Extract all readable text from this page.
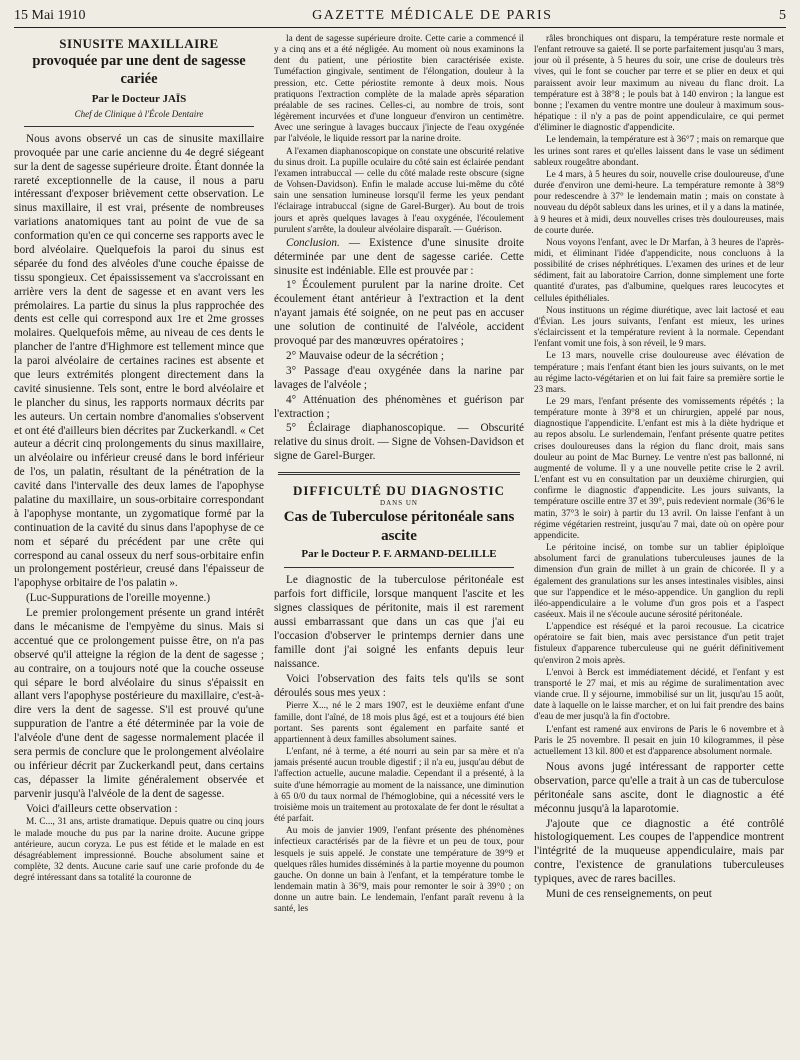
15 Mai 1910	GAZETTE MÉDICALE DE PARIS	5
SINUSITE MAXILLAIRE
provoquée par une dent de sagesse cariée
Par le Docteur JAÏS
Chef de Clinique à l'École Dentaire

Nous avons observé un cas de sinusite maxillaire provoquée par une carie ancienne du 4e degré siégeant sur la dent de sagesse supérieure droite. Étant donnée la rareté exceptionnelle de la cause, il nous a paru intéressant d'exposer brièvement cette observation. Le sinus maxillaire, il est vrai, présente de nombreuses variations anatomiques tant au point de vue de sa conformation qu'en ce qui concerne ses rapports avec le bord alvéolaire. Quelquefois la paroi du sinus est séparée du fond des alvéoles d'une couche épaisse de tissu spongieux. Cet épaississement va s'accroissant en arrière vers la dent de sagesse et en avant vers les prémolaires. La partie du sinus la plus rapprochée des dents est celle qui correspond aux 1re et 2me grosses molaires. Quelquefois même, au niveau de ces dents le plancher de l'antre d'Highmore est tellement mince que la paroi alvéolaire de certaines racines est absente et que leurs extrémités plongent directement dans la cavité sinusienne. Tels sont, entre le bord alvéolaire et le plancher du sinus, les rapports normaux décrits par les auteurs. Un certain nombre d'anomalies s'observent et ont été d'ailleurs bien décrites par Zuckerkandl. « Cet auteur a décrit cinq prolongements du sinus maxillaire, un alvéolaire ou inférieur creusé dans le bord inférieur de l'os, un palatin, résultant de la pénétration de la cavité dans l'intervalle des deux lames de l'apophyse palatine du maxillaire, un sous-orbitaire correspondant à l'apophyse montante, un zygomatique formé par la continuation de la cavité du sinus dans l'apophyse de ce nom et séparé du précédent par une crête qui correspond au canal osseux du nerf sous-orbitaire enfin un prolongement postérieur, creusé dans l'épaisseur de l'apophyse orbitaire de l'os palatin ».

(Luc-Suppurations de l'oreille moyenne.)

Le premier prolongement présente un grand intérêt dans le mécanisme de l'empyème du sinus. Mais si accentué que ce prolongement puisse être, on n'a pas observé qu'il atteigne la région de la dent de sagesse ; au contraire, on a toujours noté que la couche osseuse qui sépare le bord alvéolaire du sinus s'épaissit en allant vers l'apophyse postérieure du maxillaire, c'est-à-dire vers la dent de sagesse. S'il est prouvé qu'une suppuration de l'antre a été déterminée par la voie de l'alvéole d'une dent de sagesse normalement placée il sera permis de conclure que le prolongement alvéolaire ou inférieur décrit par Zuckerkandl peut, dans certains cas, dépasser la limite généralement observée et parvenir jusqu'à l'alvéole de la dent de sagesse.

Voici d'ailleurs cette observation :

M. C..., 31 ans, artiste dramatique. Depuis quatre ou cinq jours le malade mouche du pus par la narine droite. Aucune grippe antérieure, aucun coryza. Le pus est fétide et le malade en est désagréablement impressionné. Bouche absolument saine et complète, 32 dents. Aucune carie sauf une carie profonde du 4e degré intéressant dans sa totalité la couronne de

la dent de sagesse supérieure droite. Cette carie a commencé il y a cinq ans et a été négligée. Au moment où nous examinons la dent du patient, une périostite bien caractérisée existe. Tuméfaction gingivale, sentiment de l'élongation, douleur à la pression, etc. Cette périostite remonte à deux mois. Nous pratiquons l'extraction complète de la malade après séparation préalable de ses racines. Celles-ci, au nombre de trois, sont légèrement incurvées et d'une longueur d'environ un centimètre. Avec une seringue à lavages buccaux j'injecte de l'eau oxygénée par l'alvéole, le liquide ressort par la narine droite.

A l'examen diaphanoscopique on constate une obscurité relative du sinus droit. La pupille oculaire du côté sain est éclairée pendant l'examen intrabuccal — celle du côté malade reste obscure (signe de Vohsen-Davidson). Enfin le malade accuse lui-même du côté sain une sensation lumineuse lorsqu'il ferme les yeux pendant l'éclairage intrabuccal (signe de Garel-Burger). Au bout de trois jours et après quelques lavages à l'eau oxygénée, l'écoulement purulent s'arrête, la douleur alvéolaire disparaît. — Guérison.

Conclusion. — Existence d'une sinusite droite déterminée par une dent de sagesse cariée. Cette sinusite est indéniable. Elle est prouvée par :

1° Écoulement purulent par la narine droite. Cet écoulement étant antérieur à l'extraction et la dent n'ayant jamais été soignée, on ne peut pas en accuser une solution de continuité de l'alvéole, accident provoqué par des manœuvres opératoires ;

2° Mauvaise odeur de la sécrétion ;

3° Passage d'eau oxygénée dans la narine par lavages de l'alvéole ;

4° Atténuation des phénomènes et guérison par l'extraction ;

5° Éclairage diaphanoscopique. — Obscurité relative du sinus droit. — Signe de Vohsen-Davidson et signe de Garel-Burger.

DIFFICULTÉ DU DIAGNOSTIC
DANS UN
Cas de Tuberculose péritonéale sans ascite
Par le Docteur P. F. ARMAND-DELILLE

Le diagnostic de la tuberculose péritonéale est parfois fort difficile, lorsque manquent l'ascite et les signes classiques de péritonite, mais il est rarement aussi embarrassant que dans un cas que j'ai eu l'occasion d'observer le printemps dernier dans une famille dont j'ai soigné les enfants depuis leur naissance.

Voici l'observation des faits tels qu'ils se sont déroulés sous mes yeux :

Pierre X..., né le 2 mars 1907, est le deuxième enfant d'une famille, dont l'aîné, de 18 mois plus âgé, est et a toujours été bien portant. Ses parents sont également en parfaite santé et appartiennent à deux familles absolument saines.

L'enfant, né à terme, a été nourri au sein par sa mère et n'a jamais présenté aucun trouble digestif ; il n'a eu, jusqu'au début de l'affection actuelle, aucune maladie. Cependant il a présenté, à la suite d'une hémorragie au moment de la naissance, une diminution à 65 0/0 du taux normal de l'hémoglobine, qui a nécessité vers le troisième mois un traitement au protoxalate de fer dont le résultat a été parfait.

Au mois de janvier 1909, l'enfant présente des phénomènes infectieux caractérisés par de la fièvre et un peu de toux, pour lesquels je suis appelé. Je constate une température de 39°9 et quelques râles humides disséminés à la partie moyenne du poumon gauche. On donne un bain à l'enfant, et la température tombe le lendemain matin à 36°9, mais pour remonter le soir à 39°0 ; on donne un autre bain. Le lendemain, l'enfant paraît revenu à la santé, les

râles bronchiques ont disparu, la température reste normale et l'enfant retrouve sa gaieté. Il se porte parfaitement jusqu'au 3 mars, jour où il présente, à 5 heures du soir, une crise de douleurs très vives, qui le font se coucher par terre et se plier en deux et qui paraissent avoir leur maximum au niveau du flanc droit. La température est à 38°8 ; le pouls bat à 140 environ ; la langue est bonne ; l'examen du ventre montre une douleur à maximum sous-hépatique : il n'y a pas de point appendiculaire, ce qui permet d'éliminer le diagnostic d'appendicite.

Le lendemain, la température est à 36°7 ; mais on remarque que les urines sont rares et qu'elles laissent dans le vase un sédiment sableux rougeâtre abondant.

Le 4 mars, à 5 heures du soir, nouvelle crise douloureuse, d'une durée d'environ une demi-heure. La température remonte à 38°9 pour redescendre à 37° le lendemain matin ; mais on constate à nouveau du dépôt sableux dans les urines, et il y a dans la matinée, à 9 heures et à midi, deux nouvelles crises très douloureuses, mais de courte durée.

Nous voyons l'enfant, avec le Dr Marfan, à 3 heures de l'après-midi, et éliminant l'idée d'appendicite, nous concluons à la possibilité de crises néphrétiques. L'examen des urines et de leur sédiment, fait au laboratoire Carrion, donne simplement une forte quantité d'urates, pas d'albumine, quelques rares leucocytes et cellules épithéliales.

Nous instituons un régime diurétique, avec lait lactosé et eau d'Évian. Les jours suivants, l'enfant est mieux, les urines s'éclaircissent et la température revient à la normale. Cependant l'enfant vomit une fois, à son réveil, le 9 mars.

Le 13 mars, nouvelle crise douloureuse avec élévation de température ; mais l'enfant étant bien les jours suivants, on le met au régime lacto-végétarien et on lui fait faire sa première sortie le 23 mars.

Le 29 mars, l'enfant présente des vomissements répétés ; la température monte à 39°8 et un chirurgien, appelé par nous, diagnostique l'appendicite. L'enfant est mis à la diète hydrique et au repos absolu. Le surlendemain, l'enfant présente quatre petites crises douloureuses dans la région du flanc droit, mais sans douleur au point de Mac Burney. Le ventre n'est pas ballonné, ni augmenté de volume. Il y a une nouvelle petite crise le 2 avril. L'enfant est vu en consultation par un deuxième chirurgien, qui confirme le diagnostic d'appendicite. Les jours suivants, la température oscille entre 37 et 39°, puis redevient normale (36°6 le matin, 37°3 le soir) à partir du 13 avril. On laisse l'enfant à un régime végétarien restreint, jusqu'au 7 mai, date où on opère pour appendicite.

Le péritoine incisé, on tombe sur un tablier épiploïque absolument farci de granulations tuberculeuses jaunes de la dimension d'un grain de millet à un grain de chicorée. Il y a également des granulations sur les anses intestinales visibles, ainsi que sur l'appendice et le méso-appendice. Un ganglion du repli iléo-appendiculaire a le volume d'un gros pois et a l'aspect caséeux. Mais il ne s'écoule aucune sérosité péritonéale.

L'appendice est réséqué et la paroi recousue. La cicatrice opératoire se fait bien, mais avec persistance d'un petit trajet fistuleux d'apparence tuberculeuse qui ne guérit définitivement qu'environ 2 mois après.

L'envoi à Berck est immédiatement décidé, et l'enfant y est transporté le 27 mai, et mis au régime de suralimentation avec viande crue. Il y séjourne, immobilisé sur un lit, jusqu'au 15 août, date à laquelle on le laisse marcher, et on lui fait prendre des bains d'eau de mer jusqu'à la fin d'octobre.

L'enfant est ramené aux environs de Paris le 6 novembre et à Paris le 25 novembre. Il pesait en juin 10 kilogrammes, il pèse actuellement 13 kil. 800 et est d'apparence absolument normale.

Nous avons jugé intéressant de rapporter cette observation, parce qu'elle a trait à un cas de tuberculose péritonéale sans ascite, dont le diagnostic a été méconnu jusqu'à la laparotomie.

J'ajoute que ce diagnostic a été contrôlé histologiquement. Les coupes de l'appendice montrent l'intégrité de la muqueuse appendiculaire, mais par contre, l'existence de granulations tuberculeuses typiques, avec de rares bacilles.

Muni de ces renseignements, on peut
